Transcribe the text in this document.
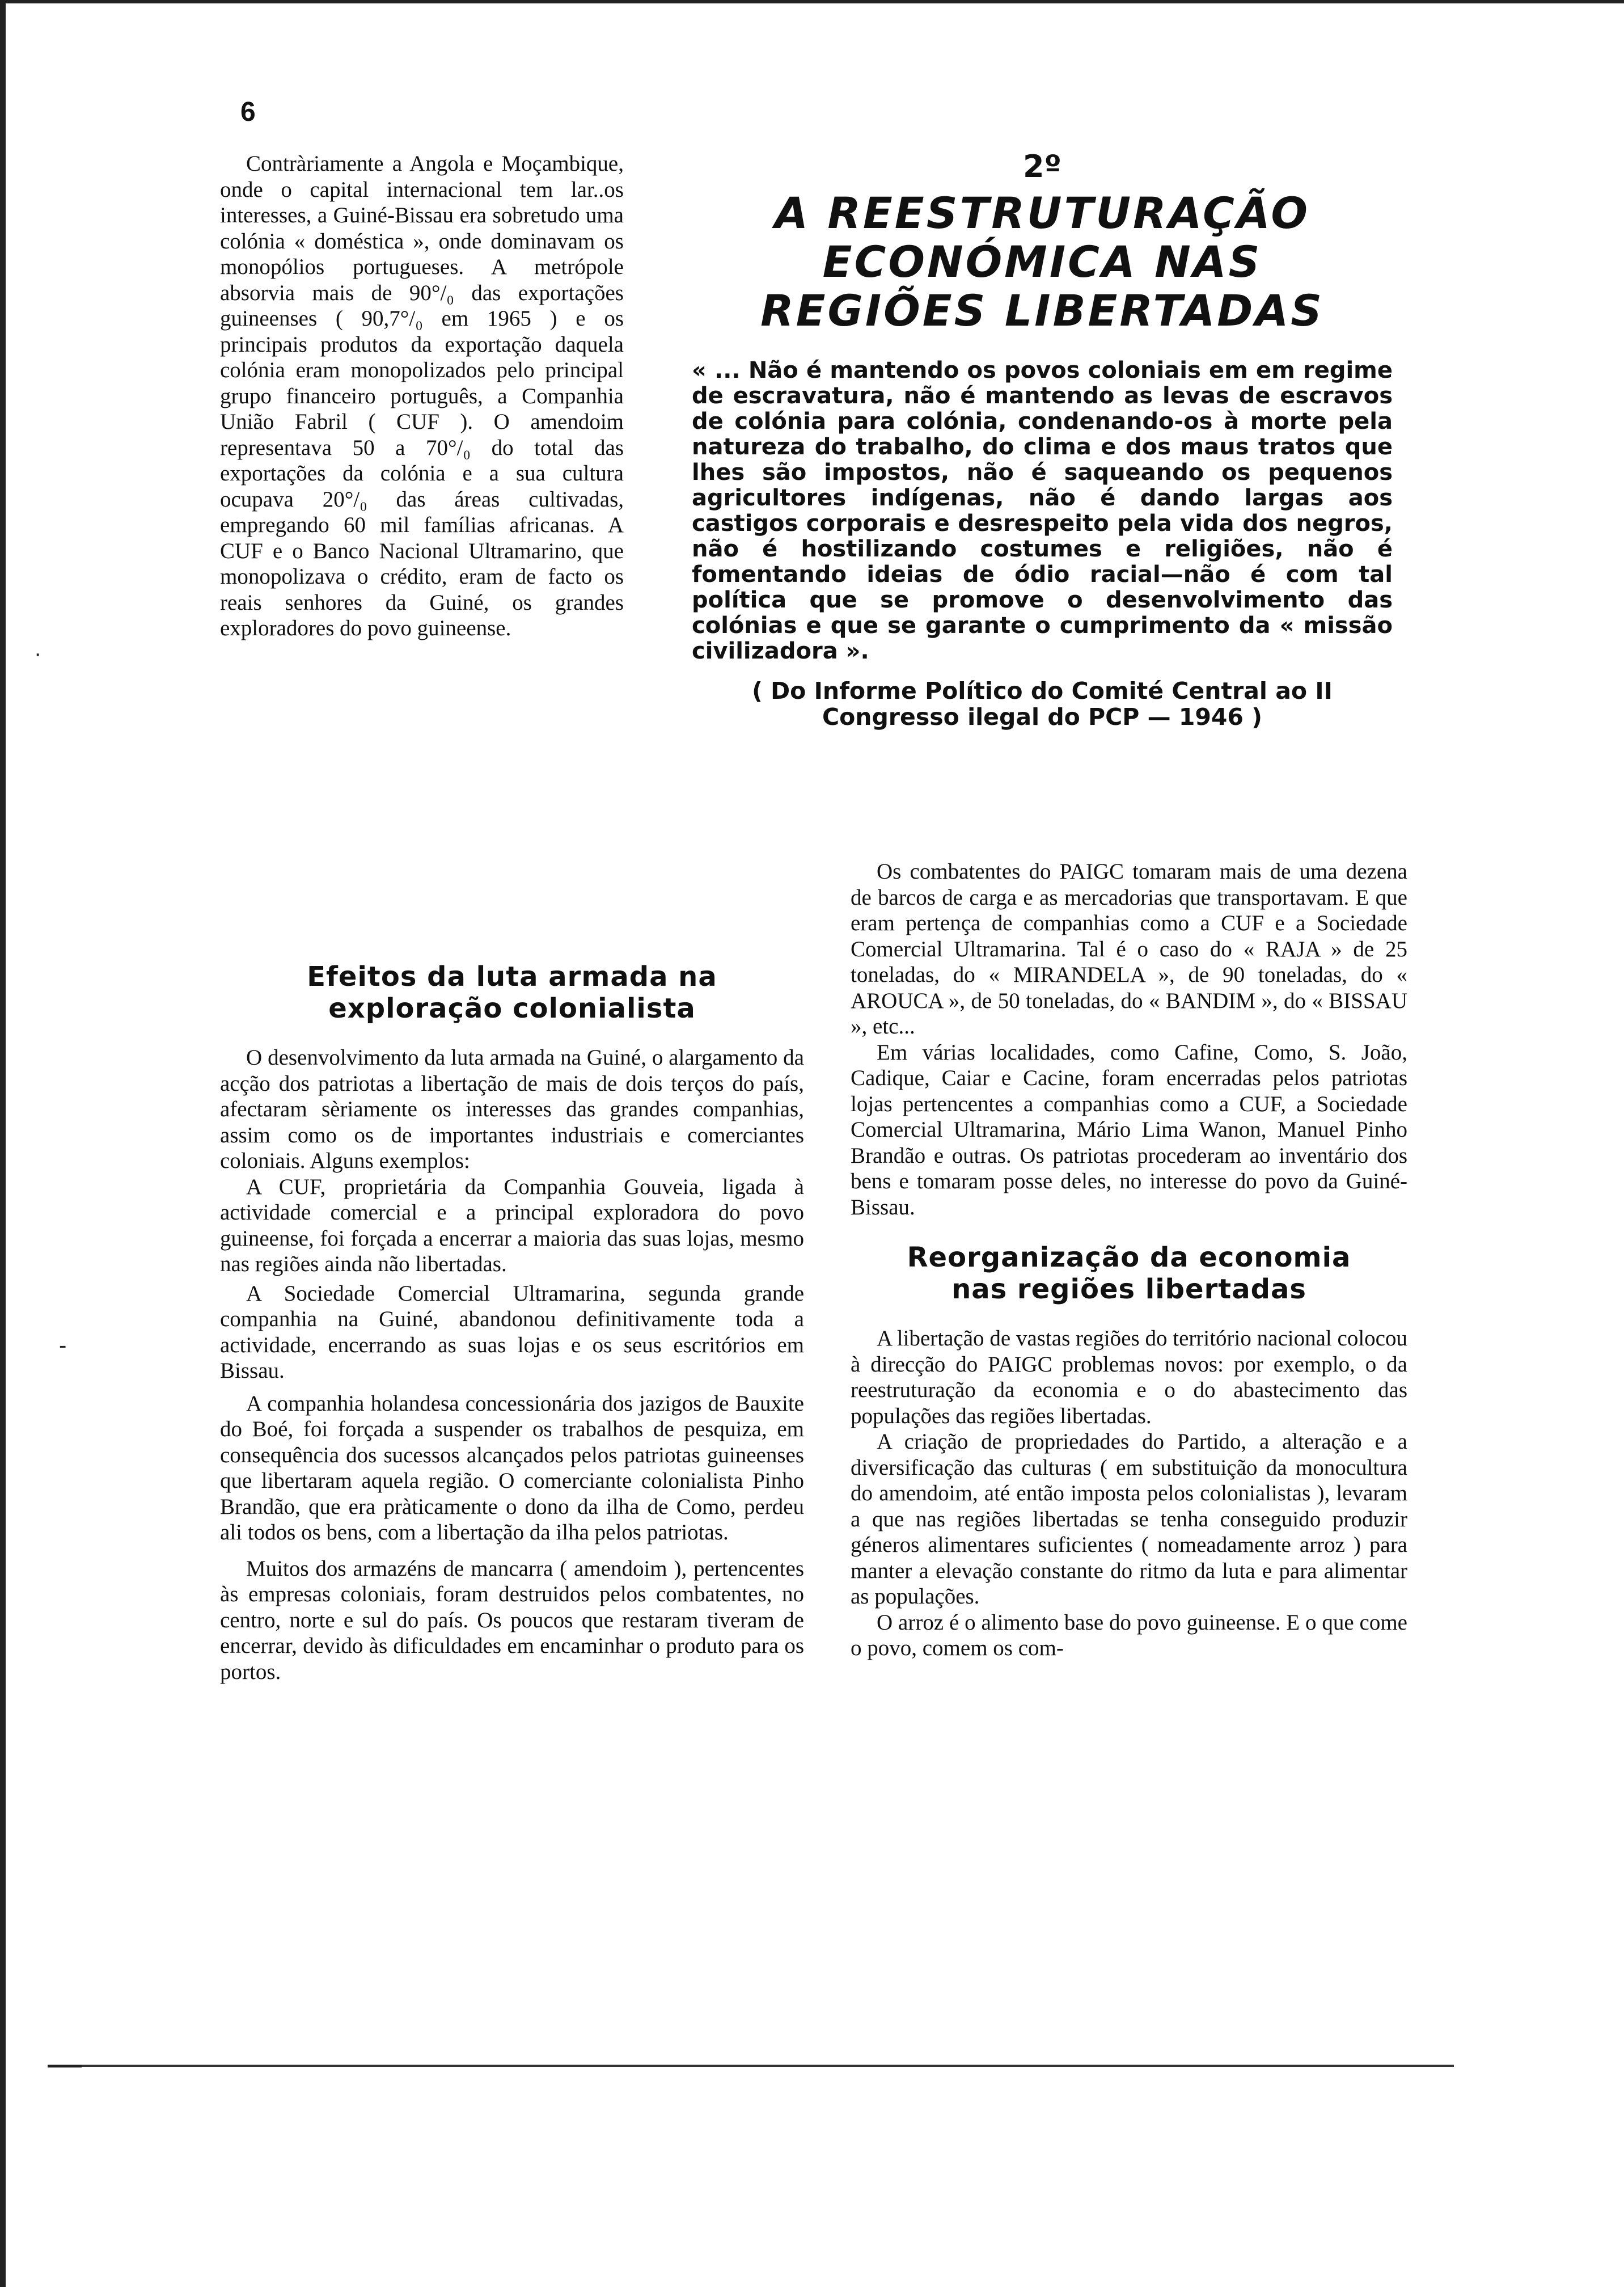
6

Contràriamente a Angola e Moçambique, onde o capital internacional tem lar..os interesses, a Guiné-Bissau era sobretudo uma colónia « doméstica », onde dominavam os monopólios portugueses. A metrópole absorvia mais de 90°/₀ das exportações guineenses ( 90,7°/₀ em 1965 ) e os principais produtos da exportação daquela colónia eram monopolizados pelo principal grupo financeiro português, a Companhia União Fabril ( CUF ). O amendoim representava 50 a 70°/₀ do total das exportações da colónia e a sua cultura ocupava 20°/₀ das áreas cultivadas, empregando 60 mil famílias africanas. A CUF e o Banco Nacional Ultramarino, que monopolizava o crédito, eram de facto os reais senhores da Guiné, os grandes exploradores do povo guineense.

2º
A REESTRUTURAÇÃO
ECONÓMICA NAS
REGIÕES LIBERTADAS

« ... Não é mantendo os povos coloniais em em regime de escravatura, não é mantendo as levas de escravos de colónia para colónia, condenando-os à morte pela natureza do trabalho, do clima e dos maus tratos que lhes são impostos, não é saqueando os pequenos agricultores indígenas, não é dando largas aos castigos corporais e desrespeito pela vida dos negros, não é hostilizando costumes e religiões, não é fomentando ideias de ódio racial—não é com tal política que se promove o desenvolvimento das colónias e que se garante o cumprimento da « missão civilizadora ».

( Do Informe Político do Comité Central ao II Congresso ilegal do PCP — 1946 )

Efeitos da luta armada na
exploração colonialista

O desenvolvimento da luta armada na Guiné, o alargamento da acção dos patriotas a libertação de mais de dois terços do país, afectaram sèriamente os interesses das grandes companhias, assim como os de importantes industriais e comerciantes coloniais. Alguns exemplos:

A CUF, proprietária da Companhia Gouveia, ligada à actividade comercial e a principal exploradora do povo guineense, foi forçada a encerrar a maioria das suas lojas, mesmo nas regiões ainda não libertadas.

A Sociedade Comercial Ultramarina, segunda grande companhia na Guiné, abandonou definitivamente toda a actividade, encerrando as suas lojas e os seus escritórios em Bissau.

A companhia holandesa concessionária dos jazigos de Bauxite do Boé, foi forçada a suspender os trabalhos de pesquiza, em consequência dos sucessos alcançados pelos patriotas guineenses que libertaram aquela região. O comerciante colonialista Pinho Brandão, que era pràticamente o dono da ilha de Como, perdeu ali todos os bens, com a libertação da ilha pelos patriotas.

Muitos dos armazéns de mancarra ( amendoim ), pertencentes às empresas coloniais, foram destruidos pelos combatentes, no centro, norte e sul do país. Os poucos que restaram tiveram de encerrar, devido às dificuldades em encaminhar o produto para os portos.

Os combatentes do PAIGC tomaram mais de uma dezena de barcos de carga e as mercadorias que transportavam. E que eram pertença de companhias como a CUF e a Sociedade Comercial Ultramarina. Tal é o caso do « RAJA » de 25 toneladas, do « MIRANDELA », de 90 toneladas, do « AROUCA », de 50 toneladas, do « BANDIM », do « BISSAU », etc...

Em várias localidades, como Cafine, Como, S. João, Cadique, Caiar e Cacine, foram encerradas pelos patriotas lojas pertencentes a companhias como a CUF, a Sociedade Comercial Ultramarina, Mário Lima Wanon, Manuel Pinho Brandão e outras. Os patriotas procederam ao inventário dos bens e tomaram posse deles, no interesse do povo da Guiné-Bissau.

Reorganização da economia
nas regiões libertadas

A libertação de vastas regiões do território nacional colocou à direcção do PAIGC problemas novos: por exemplo, o da reestruturação da economia e o do abastecimento das populações das regiões libertadas.

A criação de propriedades do Partido, a alteração e a diversificação das culturas ( em substituição da monocultura do amendoim, até então imposta pelos colonialistas ), levaram a que nas regiões libertadas se tenha conseguido produzir géneros alimentares suficientes ( nomeadamente arroz ) para manter a elevação constante do ritmo da luta e para alimentar as populações.

O arroz é o alimento base do povo guineense. E o que come o povo, comem os com-

·
-
